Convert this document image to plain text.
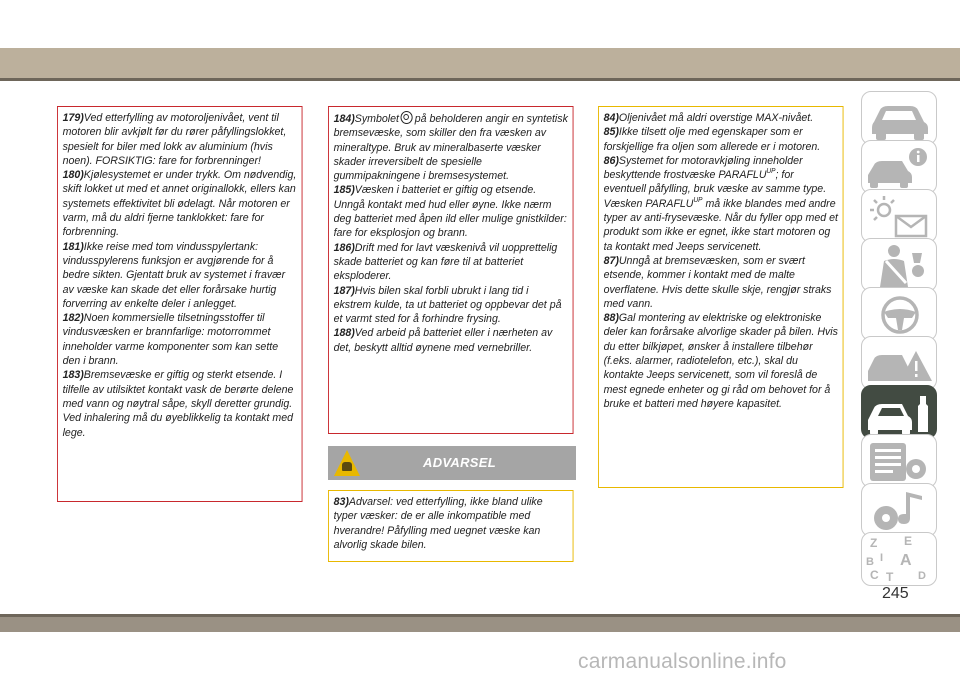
179)Ved etterfylling av motoroljenivået, vent til motoren blir avkjølt før du rører påfyllingslokket, spesielt for biler med lokk av aluminium (hvis noen). FORSIKTIG: fare for forbrenninger!

180)Kjølesystemet er under trykk. Om nødvendig, skift lokket ut med et annet originallokk, ellers kan systemets effektivitet bli ødelagt. Når motoren er varm, må du aldri fjerne tanklokket: fare for forbrenning.

181)Ikke reise med tom vindusspylertank: vindusspylerens funksjon er avgjørende for å bedre sikten. Gjentatt bruk av systemet i fravær av væske kan skade det eller forårsake hurtig forverring av enkelte deler i anlegget.

182)Noen kommersielle tilsetningsstoffer til vindusvæsken er brannfarlige: motorrommet inneholder varme komponenter som kan sette den i brann.

183)Bremsevæske er giftig og sterkt etsende. I tilfelle av utilsiktet kontakt vask de berørte delene med vann og nøytral såpe, skyll deretter grundig. Ved inhalering må du øyeblikkelig ta kontakt med lege.

184)Symbolet på beholderen angir en syntetisk bremsevæske, som skiller den fra væsken av mineraltype. Bruk av mineralbaserte væsker skader irreversibelt de spesielle gummipakningene i bremsesystemet.

185)Væsken i batteriet er giftig og etsende. Unngå kontakt med hud eller øyne. Ikke nærm deg batteriet med åpen ild eller mulige gnistkilder: fare for eksplosjon og brann.

186)Drift med for lavt væskenivå vil uopprettelig skade batteriet og kan føre til at batteriet eksploderer.

187)Hvis bilen skal forbli ubrukt i lang tid i ekstrem kulde, ta ut batteriet og oppbevar det på et varmt sted for å forhindre frysing.

188)Ved arbeid på batteriet eller i nærheten av det, beskytt alltid øynene med vernebriller.

ADVARSEL

83)Advarsel: ved etterfylling, ikke bland ulike typer væsker: de er alle inkompatible med hverandre! Påfylling med uegnet væske kan alvorlig skade bilen.

84)Oljenivået må aldri overstige MAX-nivået.

85)Ikke tilsett olje med egenskaper som er forskjellige fra oljen som allerede er i motoren.

86)Systemet for motoravkjøling inneholder beskyttende frostvæske $PARAFLU^{UP}$; for eventuell påfylling, bruk væske av samme type. Væsken $PARAFLU^{UP}$ må ikke blandes med andre typer av anti-frysevæske. Når du fyller opp med et produkt som ikke er egnet, ikke start motoren og ta kontakt med Jeeps servicenett.

87)Unngå at bremsevæsken, som er svært etsende, kommer i kontakt med de malte overflatene. Hvis dette skulle skje, rengjør straks med vann.

88)Gal montering av elektriske og elektroniske deler kan forårsake alvorlige skader på bilen. Hvis du etter bilkjøpet, ønsker å installere tilbehør (f.eks. alarmer, radiotelefon, etc.), skal du kontakte Jeeps servicenett, som vil foreslå de mest egnede enheter og gi råd om behovet for å bruke et batteri med høyere kapasitet.

Z E
B A
I
C T D
245
carmanualsonline.info
